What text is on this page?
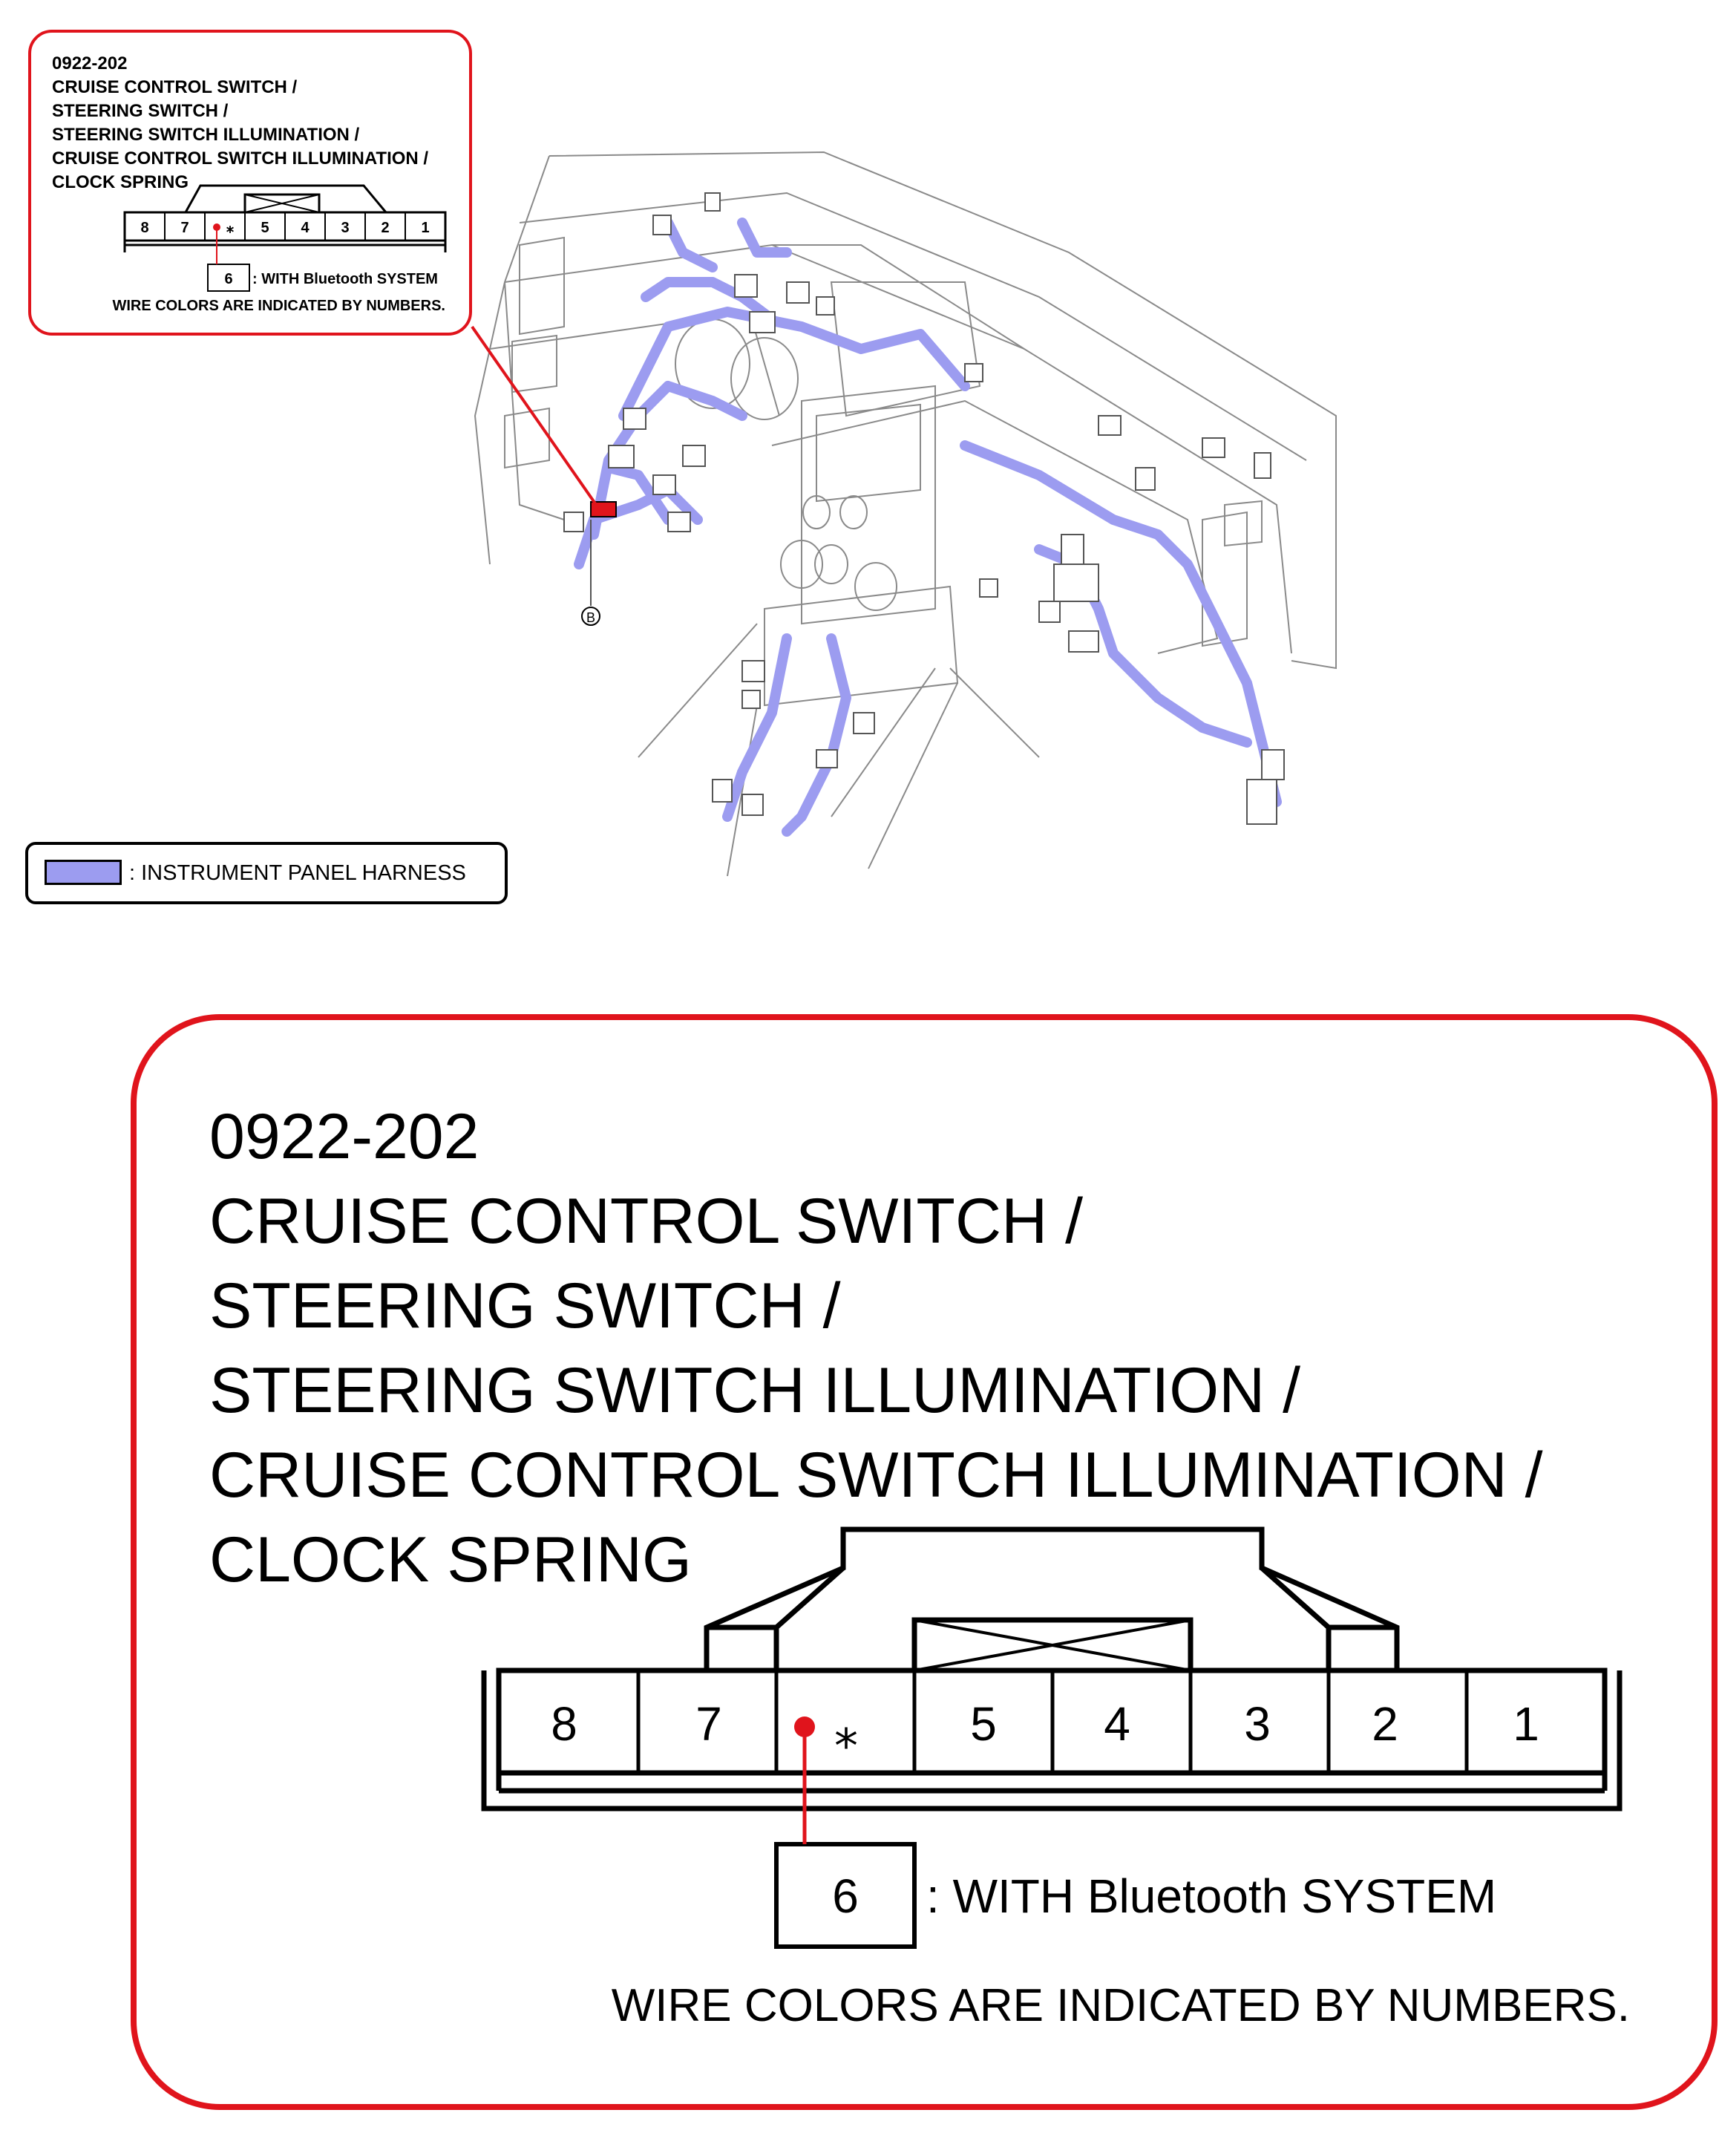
B
8 7	⁎ 5 4 3 2 1
6 : WITH Bluetooth SYSTEM
WIRE COLORS ARE INDICATED BY NUMBERS.
8 7 ⁎ 5 4 3 2 1
6 : WITH Bluetooth SYSTEM
WIRE COLORS ARE INDICATED BY NUMBERS.
0922-202
CRUISE CONTROL SWITCH /
STEERING SWITCH /
STEERING SWITCH ILLUMINATION /
CRUISE CONTROL SWITCH ILLUMINATION /
CLOCK SPRING
: INSTRUMENT PANEL HARNESS
0922-202
CRUISE CONTROL SWITCH /
STEERING SWITCH /
STEERING SWITCH ILLUMINATION /
CRUISE CONTROL SWITCH ILLUMINATION /
CLOCK SPRING
